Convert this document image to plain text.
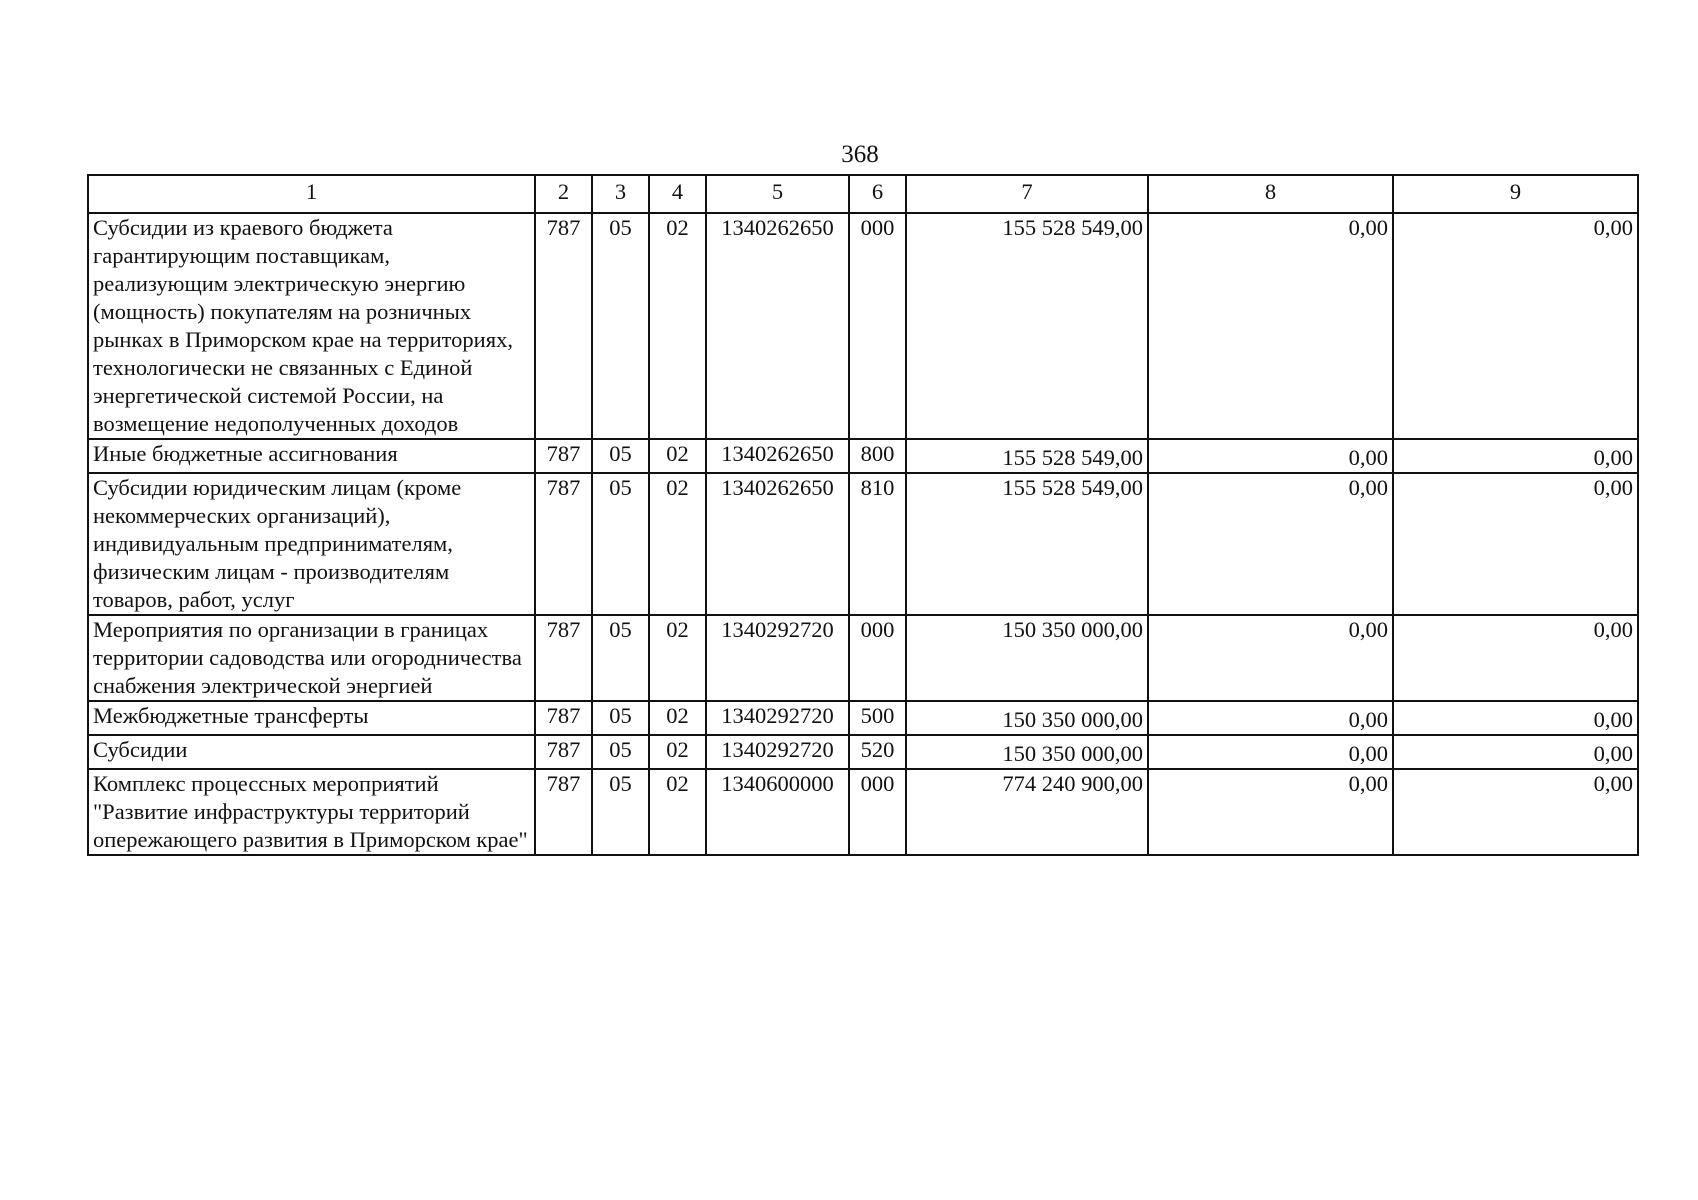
368
1	2	3	4	5	6	7	8	9
Субсидии из краевого бюджета гарантирующим поставщикам, реализующим электрическую энергию (мощность) покупателям на розничных рынках в Приморском крае на территориях, технологически не связанных с Единой энергетической системой России, на возмещение недополученных доходов	787	05	02	1340262650	000	155 528 549,00	0,00	0,00
Иные бюджетные ассигнования	787	05	02	1340262650	800	155 528 549,00	0,00	0,00
Субсидии юридическим лицам (кроме некоммерческих организаций), индивидуальным предпринимателям, физическим лицам - производителям товаров, работ, услуг	787	05	02	1340262650	810	155 528 549,00	0,00	0,00
Мероприятия по организации в границах территории садоводства или огородничества снабжения электрической энергией	787	05	02	1340292720	000	150 350 000,00	0,00	0,00
Межбюджетные трансферты	787	05	02	1340292720	500	150 350 000,00	0,00	0,00
Субсидии	787	05	02	1340292720	520	150 350 000,00	0,00	0,00
Комплекс процессных мероприятий "Развитие инфраструктуры территорий опережающего развития в Приморском крае"	787	05	02	1340600000	000	774 240 900,00	0,00	0,00
